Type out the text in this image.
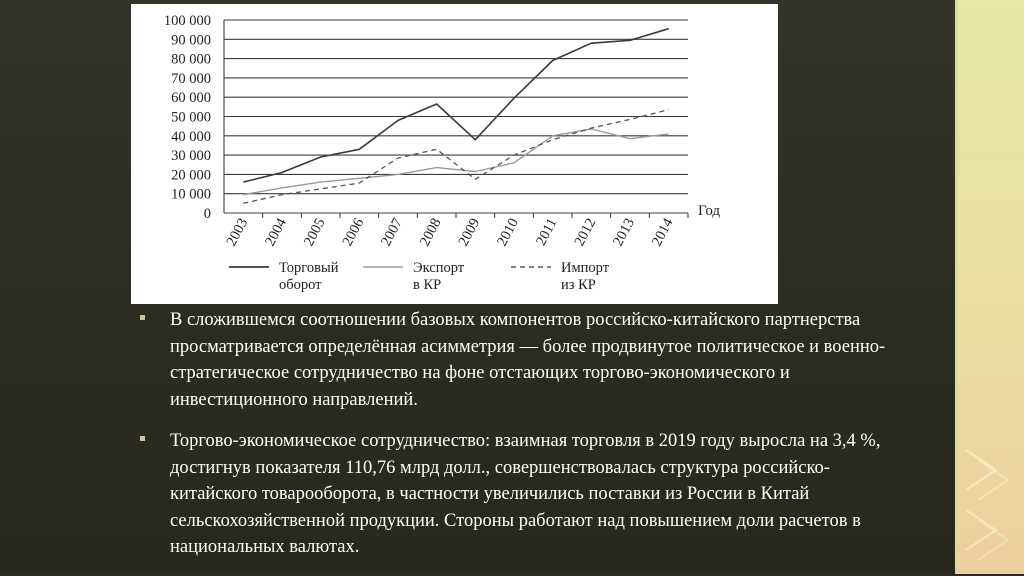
0
10 000
20 000
30 000
40 000
50 000
60 000
70 000
80 000
90 000
100 000
2003 2004 2005 2006 2007 2008 2009 2010 2011 2012 2013 2014
Год
Торговый
оборот
Экспорт
в КР
Импорт
из КР
В сложившемся соотношении базовых компонентов российско-китайского партнерства просматривается определённая асимметрия — более продвинутое политическое и военно-стратегическое сотрудничество на фоне отстающих торгово-экономического и инвестиционного направлений.
Торгово-экономическое сотрудничество: взаимная торговля в 2019 году выросла на 3,4 %, достигнув показателя 110,76 млрд долл., совершенствовалась структура российско-китайского товарооборота, в частности увеличились поставки из России в Китай сельскохозяйственной продукции. Стороны работают над повышением доли расчетов в национальных валютах.
